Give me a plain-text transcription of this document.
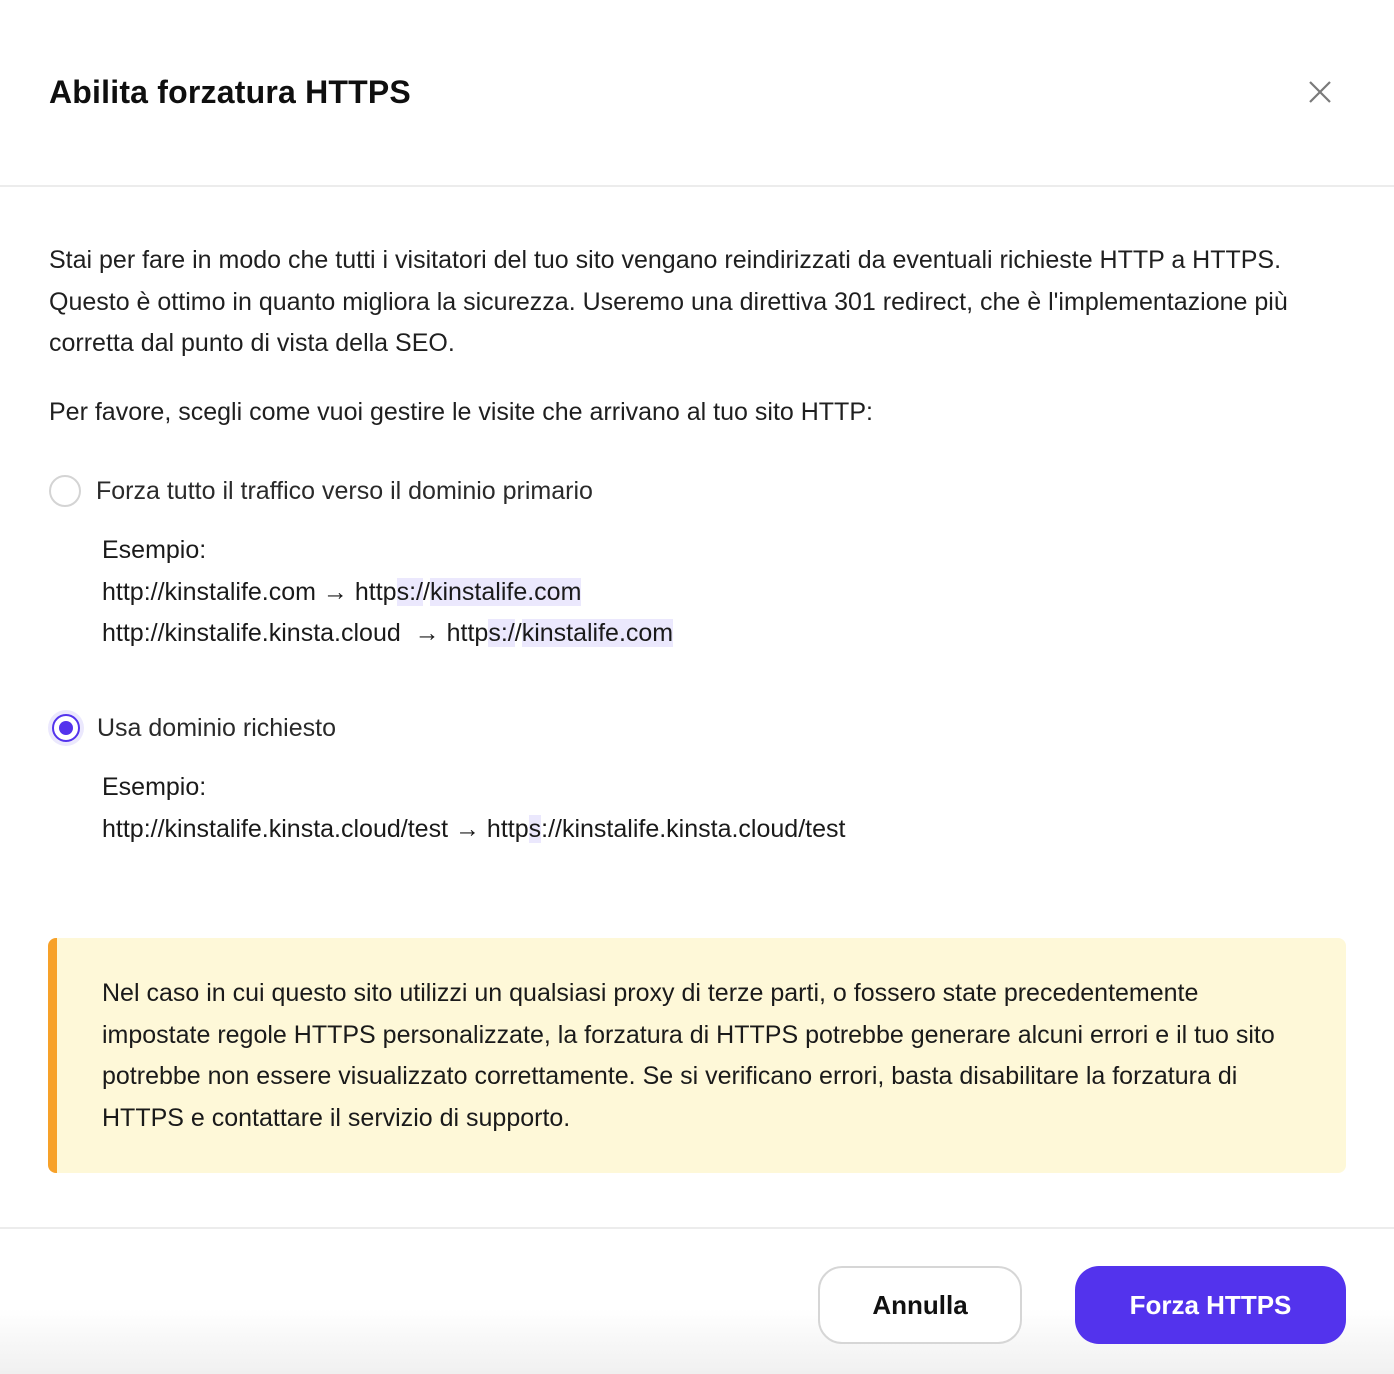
Abilita forzatura HTTPS

Stai per fare in modo che tutti i visitatori del tuo sito vengano reindirizzati da eventuali richieste HTTP a HTTPS. Questo è ottimo in quanto migliora la sicurezza. Useremo una direttiva 301 redirect, che è l'implementazione più corretta dal punto di vista della SEO.

Per favore, scegli come vuoi gestire le visite che arrivano al tuo sito HTTP:

Forza tutto il traffico verso il dominio primario
Esempio:
http://kinstalife.com → https://kinstalife.com
http://kinstalife.kinsta.cloud  → https://kinstalife.com
Usa dominio richiesto
Esempio:
http://kinstalife.kinsta.cloud/test → https://kinstalife.kinsta.cloud/test

Nel caso in cui questo sito utilizzi un qualsiasi proxy di terze parti, o fossero state precedentemente impostate regole HTTPS personalizzate, la forzatura di HTTPS potrebbe generare alcuni errori e il tuo sito potrebbe non essere visualizzato correttamente. Se si verificano errori, basta disabilitare la forzatura di HTTPS e contattare il servizio di supporto.

Annulla	Forza HTTPS
